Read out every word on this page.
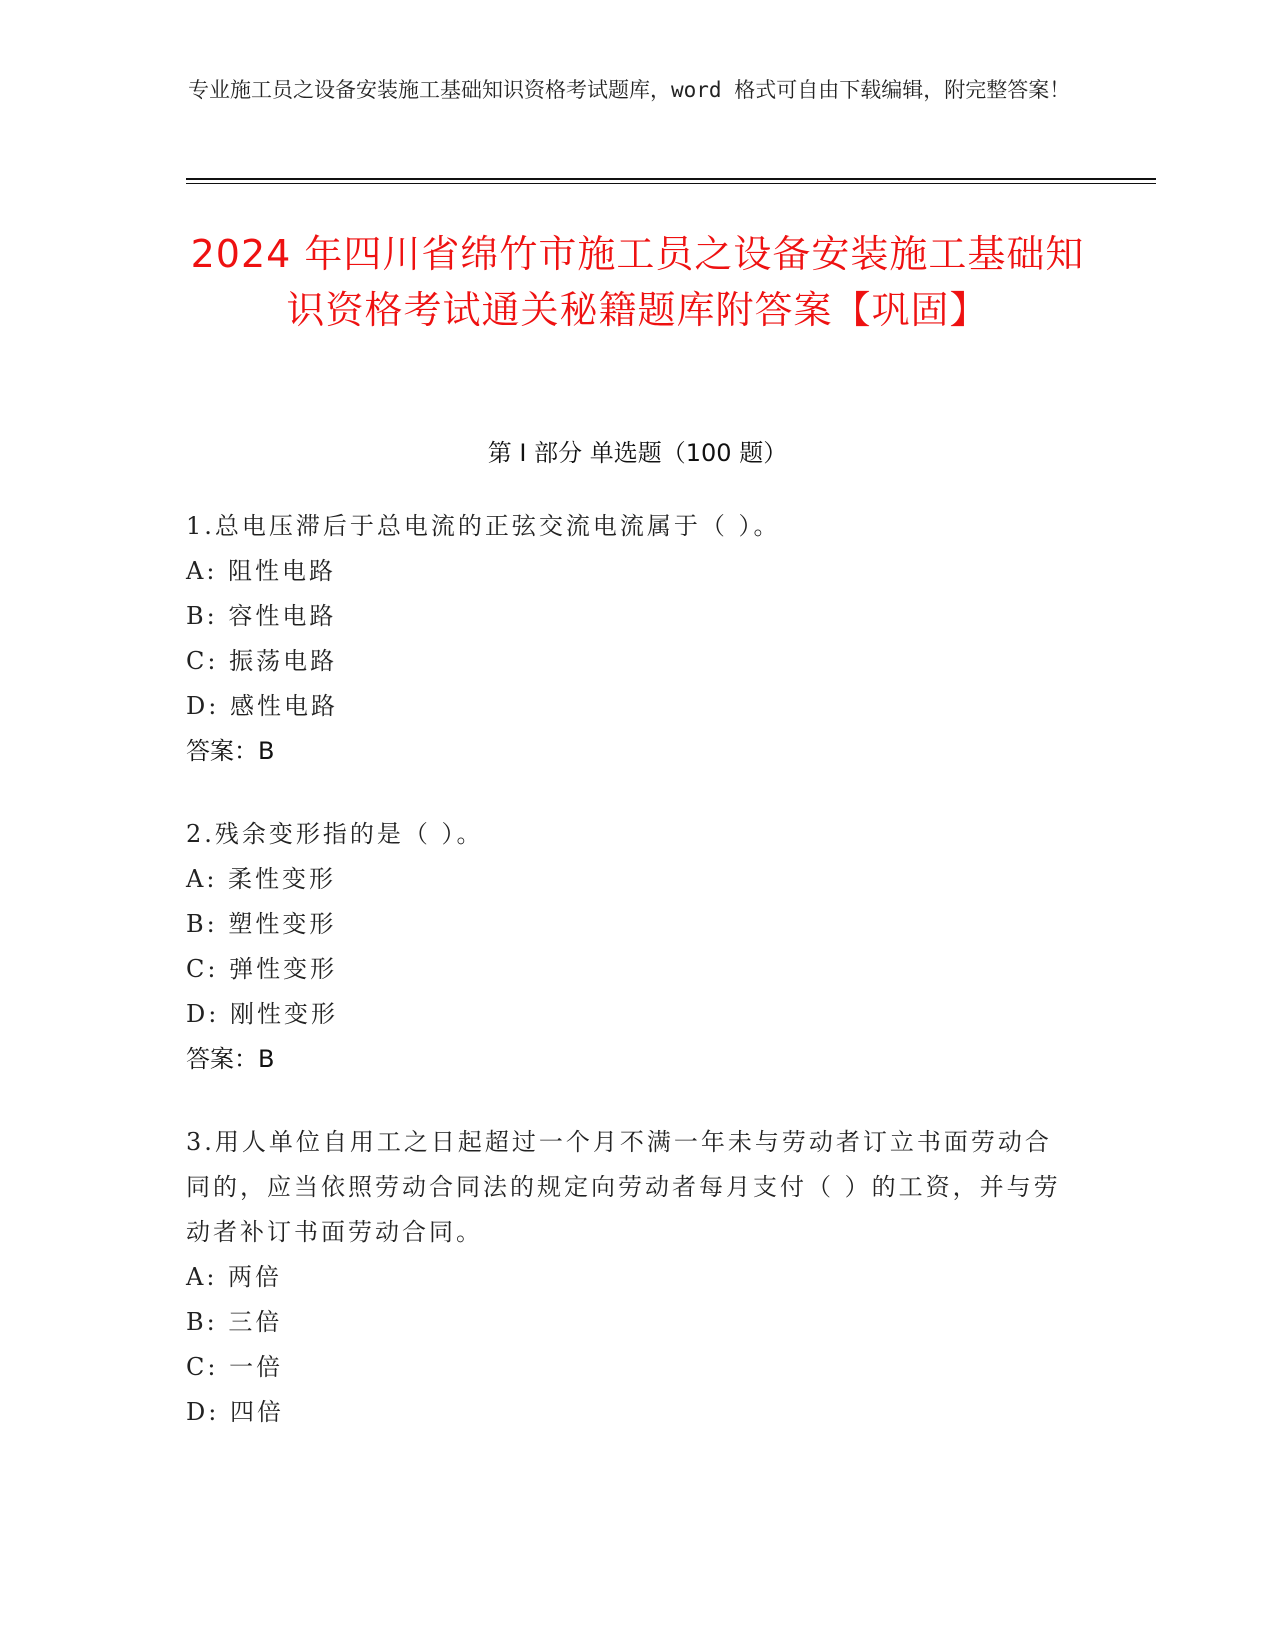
专业施工员之设备安装施工基础知识资格考试题库，word 格式可自由下载编辑，附完整答案！
2024 年四川省绵竹市施工员之设备安装施工基础知识资格考试通关秘籍题库附答案【巩固】
第 I 部分 单选题（100 题）
1.总电压滞后于总电流的正弦交流电流属于（ ）。
A: 阻性电路
B: 容性电路
C: 振荡电路
D: 感性电路
答案：B
2.残余变形指的是（ ）。
A: 柔性变形
B: 塑性变形
C: 弹性变形
D: 刚性变形
答案：B
3.用人单位自用工之日起超过一个月不满一年未与劳动者订立书面劳动合同的，应当依照劳动合同法的规定向劳动者每月支付（ ）的工资，并与劳动者补订书面劳动合同。
A: 两倍
B: 三倍
C: 一倍
D: 四倍
